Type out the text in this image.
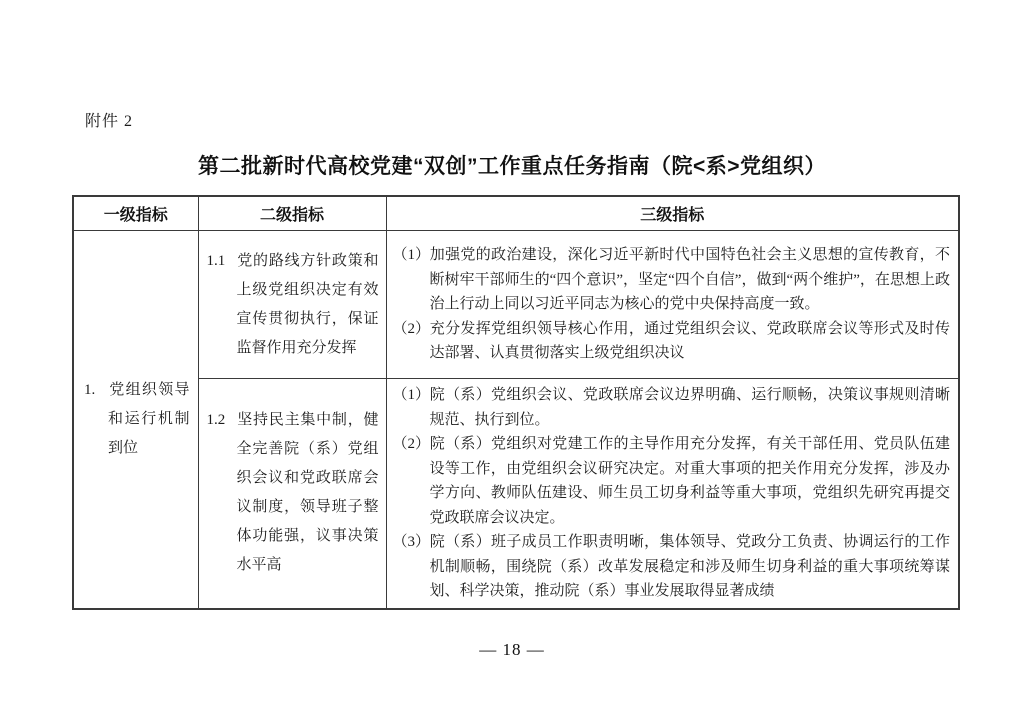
附件 2
第二批新时代高校党建“双创”工作重点任务指南（院<系>党组织）
一级指标	二级指标	三级指标

1. 党组织领导和运行机制到位	1.1 党的路线方针政策和上级党组织决定有效宣传贯彻执行，保证监督作用充分发挥	（1）加强党的政治建设，深化习近平新时代中国特色社会主义思想的宣传教育，不断树牢干部师生的“四个意识”，坚定“四个自信”，做到“两个维护”，在思想上政治上行动上同以习近平同志为核心的党中央保持高度一致。
（2）充分发挥党组织领导核心作用，通过党组织会议、党政联席会议等形式及时传达部署、认真贯彻落实上级党组织决议

	1.2 坚持民主集中制，健全完善院（系）党组织会议和党政联席会议制度，领导班子整体功能强，议事决策水平高	（1）院（系）党组织会议、党政联席会议边界明确、运行顺畅，决策议事规则清晰规范、执行到位。
（2）院（系）党组织对党建工作的主导作用充分发挥，有关干部任用、党员队伍建设等工作，由党组织会议研究决定。对重大事项的把关作用充分发挥，涉及办学方向、教师队伍建设、师生员工切身利益等重大事项，党组织先研究再提交党政联席会议决定。
（3）院（系）班子成员工作职责明晰，集体领导、党政分工负责、协调运行的工作机制顺畅，围绕院（系）改革发展稳定和涉及师生切身利益的重大事项统筹谋划、科学决策，推动院（系）事业发展取得显著成绩
— 18 —
